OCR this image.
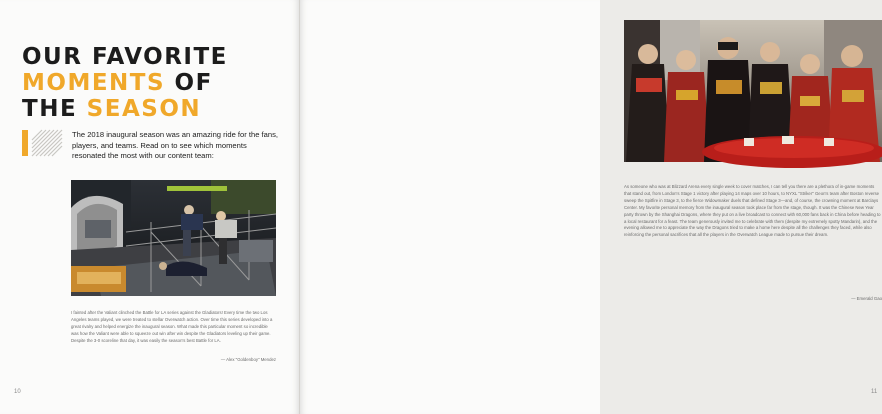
OUR FAVORITE
MOMENTS OF
THE SEASON
The 2018 inaugural season was an amazing ride for the fans, players, and teams. Read on to see which moments resonated the most with our content team:

I fainted after the Valiant clinched the Battle for LA series against the Gladiators! Every time the two Los Angeles teams played, we were treated to stellar Overwatch action. Over time this series developed into a great rivalry and helped energize the inaugural season. What made this particular moment so incredible was how the Valiant were able to squeeze out win after win despite the Gladiators leveling up their game. Despite the 3-0 scoreline that day, it was easily the season's best Battle for LA.

— Alex "Goldenboy" Mendez
10

As someone who was at Blizzard Arena every single week to cover matches, I can tell you there are a plethora of in-game moments that stand out, from London's Stage 1 victory after playing 14 maps over 10 hours, to NYXL "Striker" Geon's team after Boston reverse sweep the Spitfire in Stage 3, to the fierce Widowmaker duels that defined Stage 3—and, of course, the crowning moment at Barclays Center. My favorite personal memory from the inaugural season took place far from the stage, though. It was the Chinese New Year party thrown by the Shanghai Dragons, where they put on a live broadcast to connect with 60,000 fans back in China before heading to a local restaurant for a feast. The team generously invited me to celebrate with them (despite my extremely spotty Mandarin), and the evening allowed me to appreciate the way the Dragons tried to make a home here despite all the challenges they faced, while also reinforcing the personal sacrifices that all the players in the Overwatch League made to pursue their dream.

— Emerald Gao
11
